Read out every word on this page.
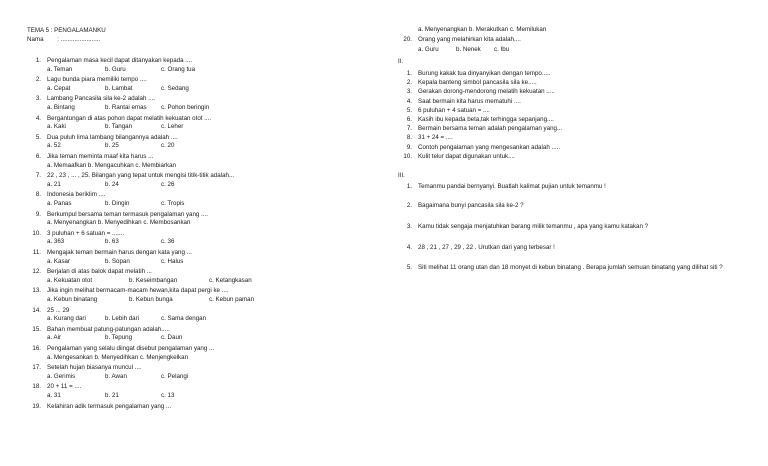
TEMA 5 : PENGALAMANKU
Nama : .......................
1. Pengalaman masa kecil dapat ditanyakan kepada ....
a. Teman	b. Guru	c. Orang tua
2. Lagu bunda piara memiliki tempo ....
a. Cepat	b. Lambat	c. Sedang
3. Lambang Pancasila sila ke-2 adalah ....
a. Bintang	b. Rantai emas c. Pohon beringin
4. Bergantungan di atas pohon dapat melatih kekuatan otot ....
a. Kaki	b. Tangan	c. Leher
5. Dua puluh lima lambang bilangannya adalah ....
a. 52	b. 25	c. 20
6. Jika teman meminta maaf kita harus ...
a. Memaafkan b. Mengacuhkan c. Membiarkan
7. 22 , 23 , ... , 25. Bilangan yang tepat untuk mengisi titik-titik adalah...
a. 21	b. 24	c. 26
8. Indonesia beriklim ....
a. Panas	b. Dingin	c. Tropis
9. Berkumpul bersama teman termasuk pengalaman yang ....
a. Menyenangkan b. Menyedihkan c. Membosankan
10. 3 puluhan + 6 satuan = .......
a. 363	b. 63	c. 36
11. Mengajak teman bermain harus dengan kata yang ...
a. Kasar	b. Sopan	c. Halus
12. Berjalan di atas balok dapat melatih ...
a. Kekuatan otot	b. Keseimbangan	c. Ketangkasan
13. Jika ingin melihat bermacam-macam hewan,kita dapat pergi ke ....
a. Kebun binatang	b. Kebun bunga	c. Kebun paman
14. 25 ... 29
a. Kurang dari	b. Lebih dari	c. Sama dengan
15. Bahan membuat patung-patungan adalah.....
a. Air	b. Tepung	c. Daun
16. Pengalaman yang selalu diingat disebut pengalaman yang ...
a. Mengesankan b. Menyedihkan c. Menjengkelkan
17. Setelah hujan biasanya muncul ....
a. Gerimis	b. Awan	c. Pelangi
18. 20 + 11 = ....
a. 31	b. 21	c. 13
19. Kelahiran adik termasuk pengalaman yang ...
a. Menyenangkan b. Merakutkan c. Memilukan
20. Orang yang melahirkan kita adalah....
a. Guru	b. Nenek c. Ibu
II.
1. Burung kakak tua dinyanyikan dengan tempo.....
2. Kepala banteng simbol pancasila sila ke.....
3. Gerakan dorong-mendorong melatih kekuatan .....
4. Saat bermain kita harus mematuhi ....
5. 6 puluhan + 4 satuan = ....
6. Kasih ibu kepada beta,tak terhingga sepanjang....
7. Bermain bersama teman adalah pengalaman yang...
8. 31 + 24 = ....
9. Contoh pengalaman yang mengesankan adalah .....
10. Kulit telur dapat digunakan untuk....
III.
1. Temanmu pandai bernyanyi. Buatlah kalimat pujian untuk temanmu !
2. Bagaimana bunyi pancasila sila ke-2 ?
3. Kamu tidak sengaja menjatuhkan barang milik temanmu , apa yang kamu katakan ?
4. 28 , 21 , 27 , 29 , 22 . Urutkan dari yang terbesar !
5. Siti melihat 11 orang utan dan 18 monyet di kebun binatang . Berapa jumlah semuan binatang yang dilihat siti ?
